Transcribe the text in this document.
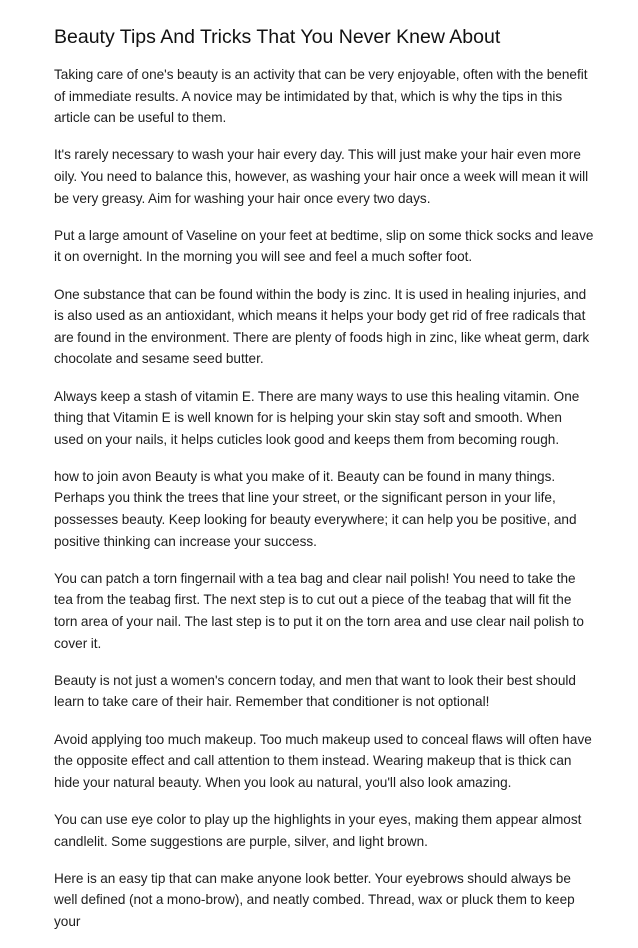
Beauty Tips And Tricks That You Never Knew About

Taking care of one's beauty is an activity that can be very enjoyable, often with the benefit of immediate results. A novice may be intimidated by that, which is why the tips in this article can be useful to them.

It's rarely necessary to wash your hair every day. This will just make your hair even more oily. You need to balance this, however, as washing your hair once a week will mean it will be very greasy. Aim for washing your hair once every two days.

Put a large amount of Vaseline on your feet at bedtime, slip on some thick socks and leave it on overnight. In the morning you will see and feel a much softer foot.

One substance that can be found within the body is zinc. It is used in healing injuries, and is also used as an antioxidant, which means it helps your body get rid of free radicals that are found in the environment. There are plenty of foods high in zinc, like wheat germ, dark chocolate and sesame seed butter.

Always keep a stash of vitamin E. There are many ways to use this healing vitamin. One thing that Vitamin E is well known for is helping your skin stay soft and smooth. When used on your nails, it helps cuticles look good and keeps them from becoming rough.

how to join avon Beauty is what you make of it. Beauty can be found in many things. Perhaps you think the trees that line your street, or the significant person in your life, possesses beauty. Keep looking for beauty everywhere; it can help you be positive, and positive thinking can increase your success.

You can patch a torn fingernail with a tea bag and clear nail polish! You need to take the tea from the teabag first. The next step is to cut out a piece of the teabag that will fit the torn area of your nail. The last step is to put it on the torn area and use clear nail polish to cover it.

Beauty is not just a women's concern today, and men that want to look their best should learn to take care of their hair. Remember that conditioner is not optional!

Avoid applying too much makeup. Too much makeup used to conceal flaws will often have the opposite effect and call attention to them instead. Wearing makeup that is thick can hide your natural beauty. When you look au natural, you'll also look amazing.

You can use eye color to play up the highlights in your eyes, making them appear almost candlelit. Some suggestions are purple, silver, and light brown.

Here is an easy tip that can make anyone look better. Your eyebrows should always be well defined (not a mono-brow), and neatly combed. Thread, wax or pluck them to keep your
